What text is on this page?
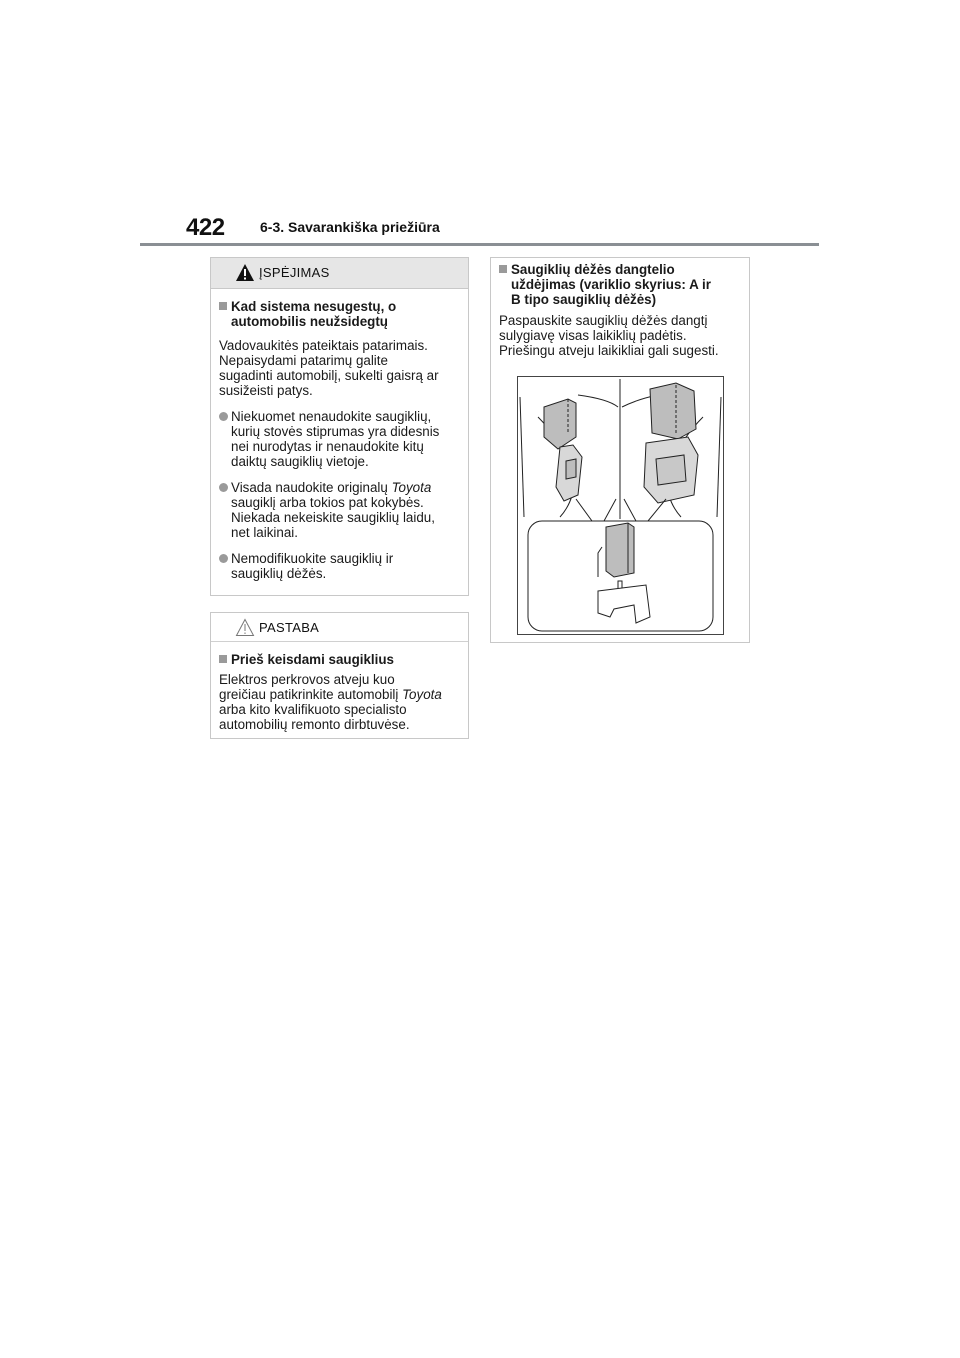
422	6-3. Savarankiška priežiūra
ĮSPĖJIMAS
Kad sistema nesugestų, o
automobilis neužsidegtų
Vadovaukitės pateiktais patarimais.
Nepaisydami patarimų galite
sugadinti automobilį, sukelti gaisrą ar
susižeisti patys.
Niekuomet nenaudokite saugiklių,
kurių stovės stiprumas yra didesnis
nei nurodytas ir nenaudokite kitų
daiktų saugiklių vietoje.
Visada naudokite originalų Toyota
saugiklį arba tokios pat kokybės.
Niekada nekeiskite saugiklių laidu,
net laikinai.
Nemodifikuokite saugiklių ir
saugiklių dėžės.
PASTABA
Prieš keisdami saugiklius
Elektros perkrovos atveju kuo
greičiau patikrinkite automobilį Toyota
arba kito kvalifikuoto specialisto
automobilių remonto dirbtuvėse.
Saugiklių dėžės dangtelio
uždėjimas (variklio skyrius: A ir
B tipo saugiklių dėžės)
Paspauskite saugiklių dėžės dangtį
sulygiavę visas laikiklių padėtis.
Priešingu atveju laikikliai gali sugesti.
